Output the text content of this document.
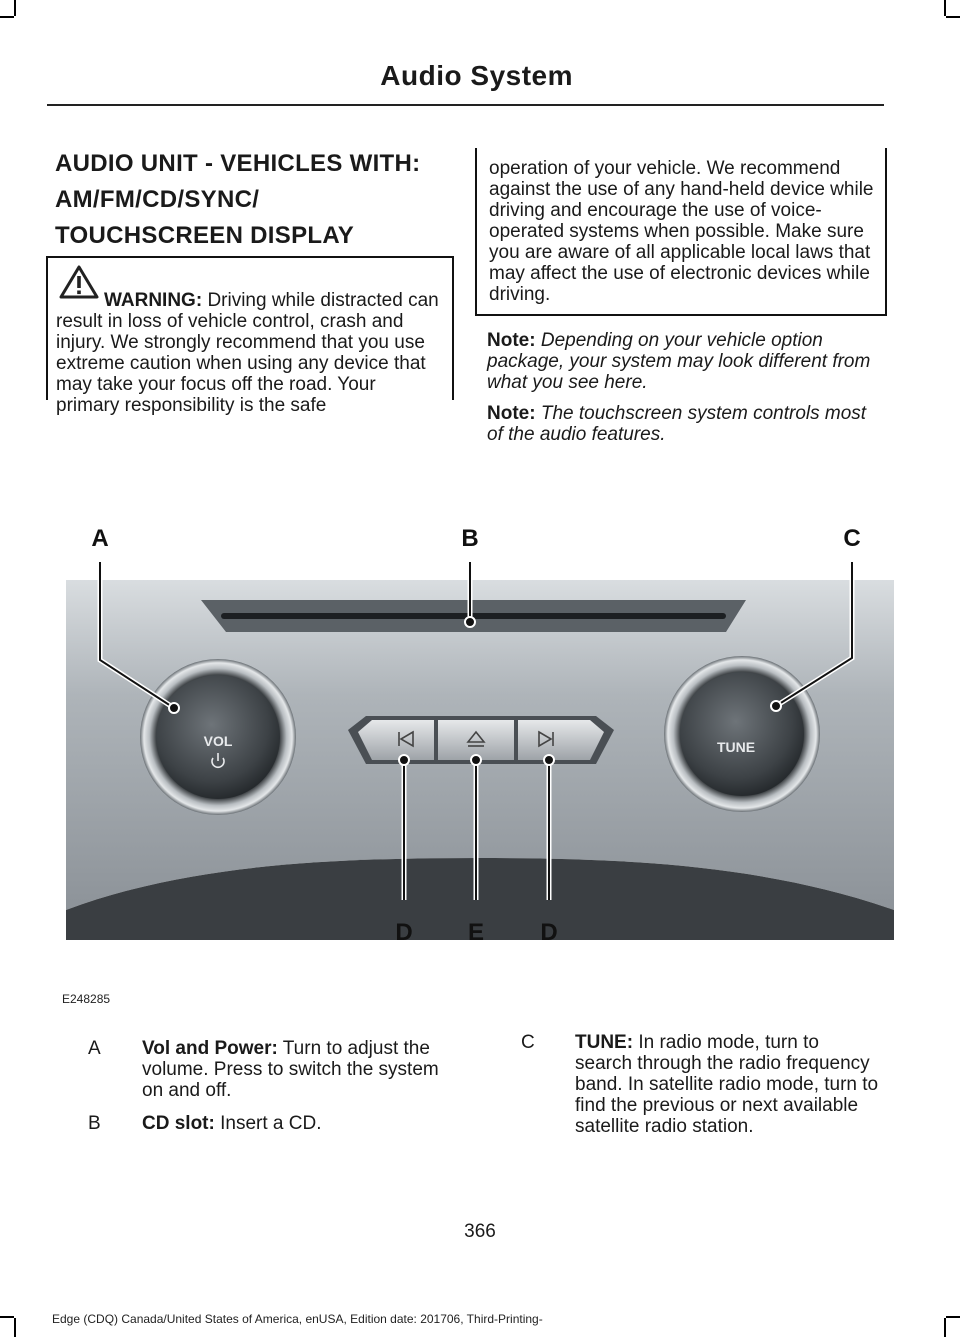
Audio System
AUDIO UNIT - VEHICLES WITH:
AM/FM/CD/SYNC/
TOUCHSCREEN DISPLAY
WARNING: Driving while distracted can result in loss of vehicle control, crash and injury. We strongly recommend that you use extreme caution when using any device that may take your focus off the road. Your primary responsibility is the safe
operation of your vehicle. We recommend against the use of any hand-held device while driving and encourage the use of voice-operated systems when possible. Make sure you are aware of all applicable local laws that may affect the use of electronic devices while driving.
Note: Depending on your vehicle option package, your system may look different from what you see here.
Note: The touchscreen system controls most of the audio features.
VOL	TUNE
A	B	C
D E D
E248285
A Vol and Power: Turn to adjust the volume. Press to switch the system on and off.
B CD slot: Insert a CD.
C TUNE: In radio mode, turn to search through the radio frequency band. In satellite radio mode, turn to find the previous or next available satellite radio station.
366
Edge (CDQ) Canada/United States of America, enUSA, Edition date: 201706, Third-Printing-
